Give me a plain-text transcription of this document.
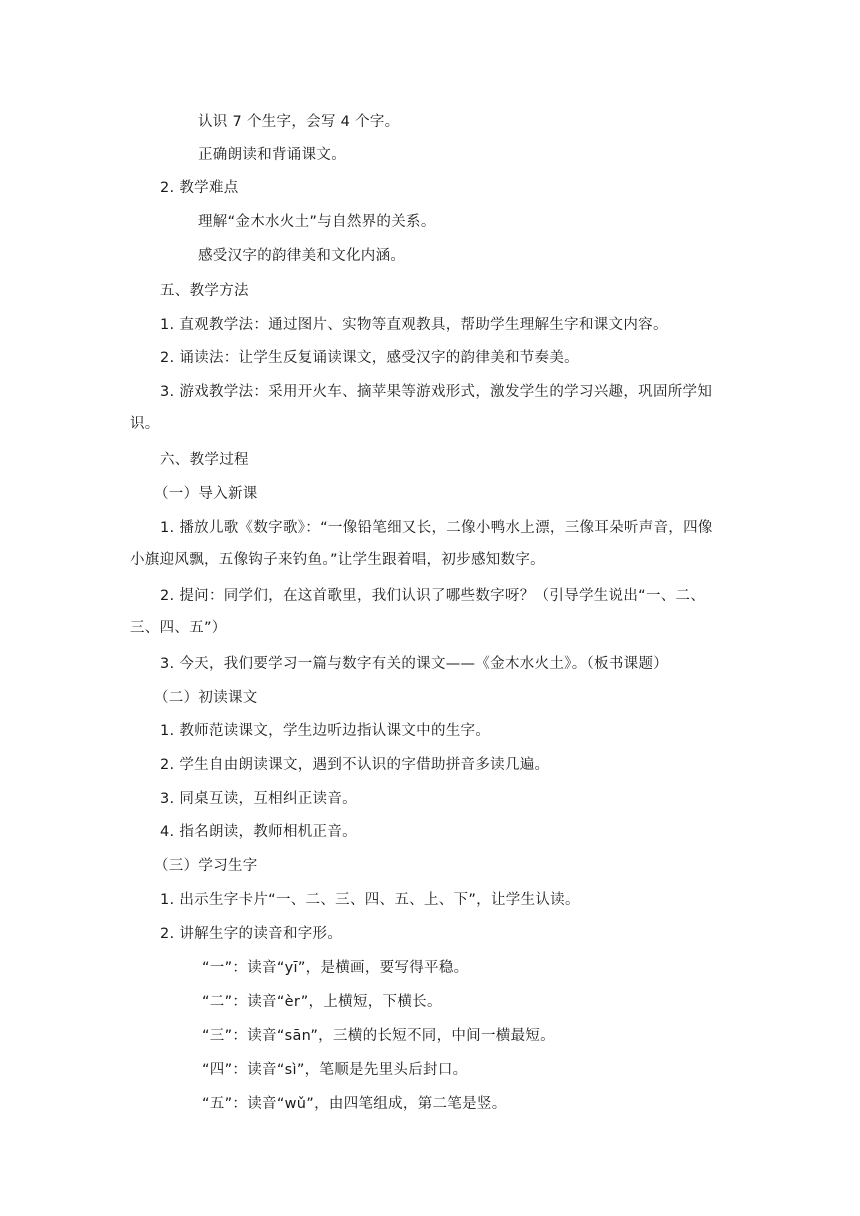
认识 7 个生字，会写 4 个字。
正确朗读和背诵课文。
2. 教学难点
理解“金木水火土”与自然界的关系。
感受汉字的韵律美和文化内涵。
五、教学方法
1. 直观教学法：通过图片、实物等直观教具，帮助学生理解生字和课文内容。
2. 诵读法：让学生反复诵读课文，感受汉字的韵律美和节奏美。
3. 游戏教学法：采用开火车、摘苹果等游戏形式，激发学生的学习兴趣，巩固所学知
识。
六、教学过程
（一）导入新课
1. 播放儿歌《数字歌》：“一像铅笔细又长，二像小鸭水上漂，三像耳朵听声音，四像
小旗迎风飘，五像钩子来钓鱼。”让学生跟着唱，初步感知数字。
2. 提问：同学们，在这首歌里，我们认识了哪些数字呀？（引导学生说出“一、二、
三、四、五”）
3. 今天，我们要学习一篇与数字有关的课文——《金木水火土》。（板书课题）
（二）初读课文
1. 教师范读课文，学生边听边指认课文中的生字。
2. 学生自由朗读课文，遇到不认识的字借助拼音多读几遍。
3. 同桌互读，互相纠正读音。
4. 指名朗读，教师相机正音。
（三）学习生字
1. 出示生字卡片“一、二、三、四、五、上、下”，让学生认读。
2. 讲解生字的读音和字形。
“一”：读音“yī”，是横画，要写得平稳。
“二”：读音“èr”，上横短，下横长。
“三”：读音“sān”，三横的长短不同，中间一横最短。
“四”：读音“sì”，笔顺是先里头后封口。
“五”：读音“wǔ”，由四笔组成，第二笔是竖。
